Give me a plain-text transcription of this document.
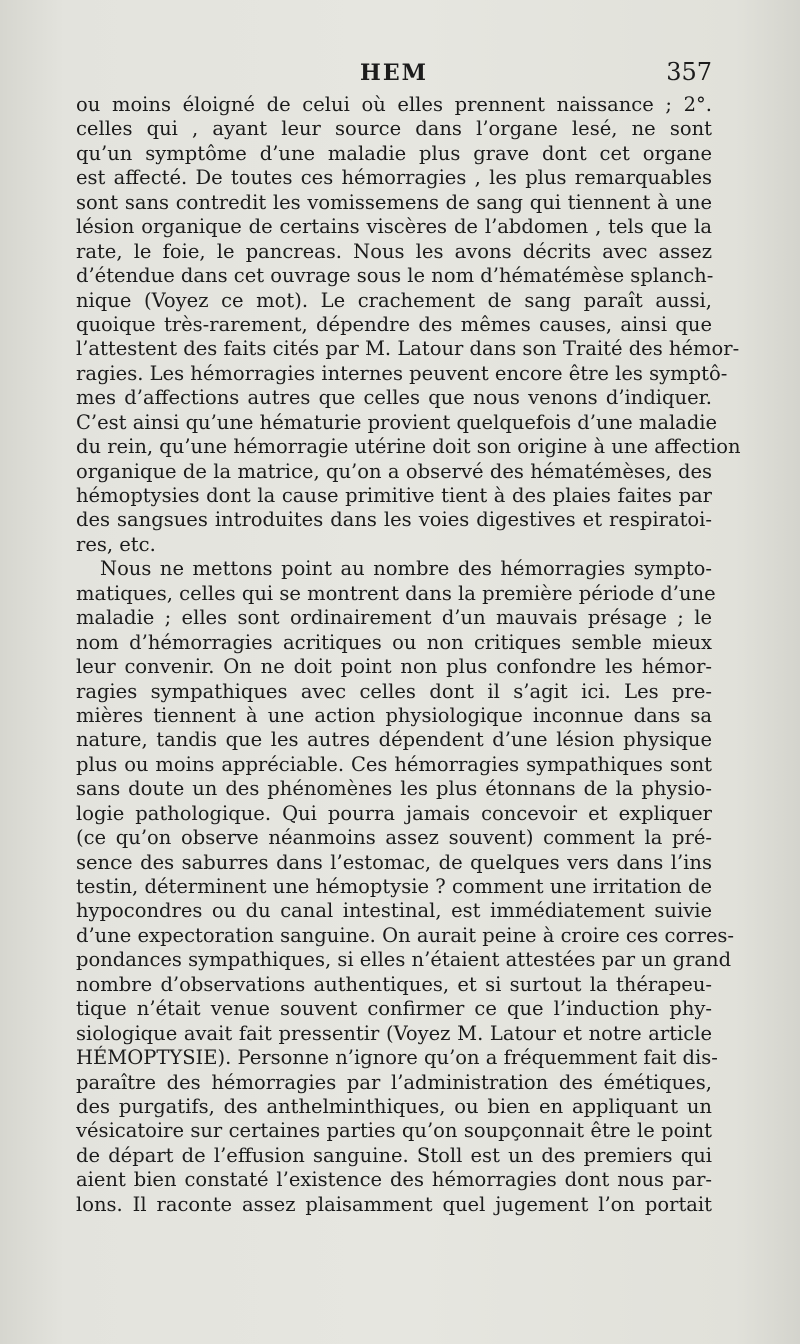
HEM	357
ou moins éloigné de celui où elles prennent naissance ; 2°.
celles qui , ayant leur source dans l’organe lesé, ne sont
qu’un symptôme d’une maladie plus grave dont cet organe
est affecté. De toutes ces hémorragies , les plus remarquables
sont sans contredit les vomissemens de sang qui tiennent à une
lésion organique de certains viscères de l’abdomen , tels que la
rate, le foie, le pancreas. Nous les avons décrits avec assez
d’étendue dans cet ouvrage sous le nom d’hématémèse splanch-
nique (Voyez ce mot). Le crachement de sang paraît aussi,
quoique très-rarement, dépendre des mêmes causes, ainsi que
l’attestent des faits cités par M. Latour dans son Traité des hémor-
ragies. Les hémorragies internes peuvent encore être les symptô-
mes d’affections autres que celles que nous venons d’indiquer.
C’est ainsi qu’une hématurie provient quelquefois d’une maladie
du rein, qu’une hémorragie utérine doit son origine à une affection
organique de la matrice, qu’on a observé des hématémèses, des
hémoptysies dont la cause primitive tient à des plaies faites par
des sangsues introduites dans les voies digestives et respiratoi-
res, etc.
Nous ne mettons point au nombre des hémorragies sympto-
matiques, celles qui se montrent dans la première période d’une
maladie ; elles sont ordinairement d’un mauvais présage ; le
nom d’hémorragies acritiques ou non critiques semble mieux
leur convenir. On ne doit point non plus confondre les hémor-
ragies sympathiques avec celles dont il s’agit ici. Les pre-
mières tiennent à une action physiologique inconnue dans sa
nature, tandis que les autres dépendent d’une lésion physique
plus ou moins appréciable. Ces hémorragies sympathiques sont
sans doute un des phénomènes les plus étonnans de la physio-
logie pathologique. Qui pourra jamais concevoir et expliquer
(ce qu’on observe néanmoins assez souvent) comment la pré-
sence des saburres dans l’estomac, de quelques vers dans l’ins
testin, déterminent une hémoptysie ? comment une irritation de
hypocondres ou du canal intestinal, est immédiatement suivie
d’une expectoration sanguine. On aurait peine à croire ces corres-
pondances sympathiques, si elles n’étaient attestées par un grand
nombre d’observations authentiques, et si surtout la thérapeu-
tique n’était venue souvent confirmer ce que l’induction phy-
siologique avait fait pressentir (Voyez M. Latour et notre article
HÉMOPTYSIE). Personne n’ignore qu’on a fréquemment fait dis-
paraître des hémorragies par l’administration des émétiques,
des purgatifs, des anthelminthiques, ou bien en appliquant un
vésicatoire sur certaines parties qu’on soupçonnait être le point
de départ de l’effusion sanguine. Stoll est un des premiers qui
aient bien constaté l’existence des hémorragies dont nous par-
lons. Il raconte assez plaisamment quel jugement l’on portait
